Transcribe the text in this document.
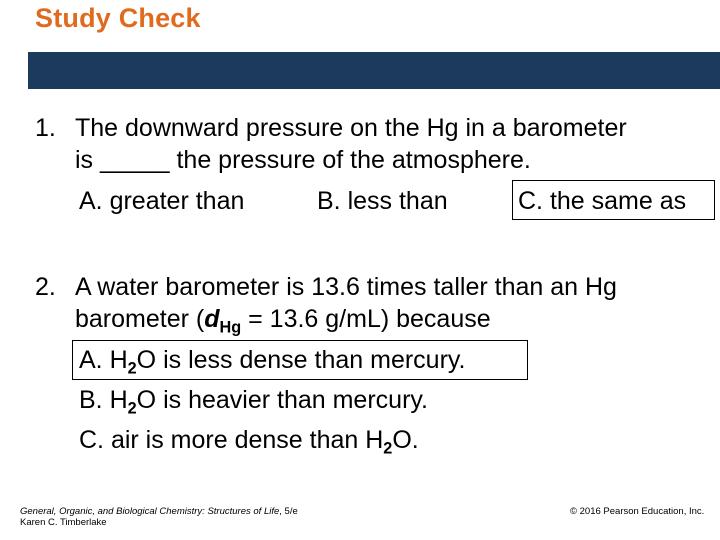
Study Check
1. The downward pressure on the Hg in a barometer
is _____ the pressure of the atmosphere.
A. greater than	B. less than	C. the same as
2. A water barometer is 13.6 times taller than an Hg
barometer ($d_{Hg} = 13.6$ g/mL) because
A. $H_2O$ is less dense than mercury.
B. $H_2O$ is heavier than mercury.
C. air is more dense than $H_2O$.
General, Organic, and Biological Chemistry: Structures of Life, 5/e
Karen C. Timberlake
© 2016 Pearson Education, Inc.
